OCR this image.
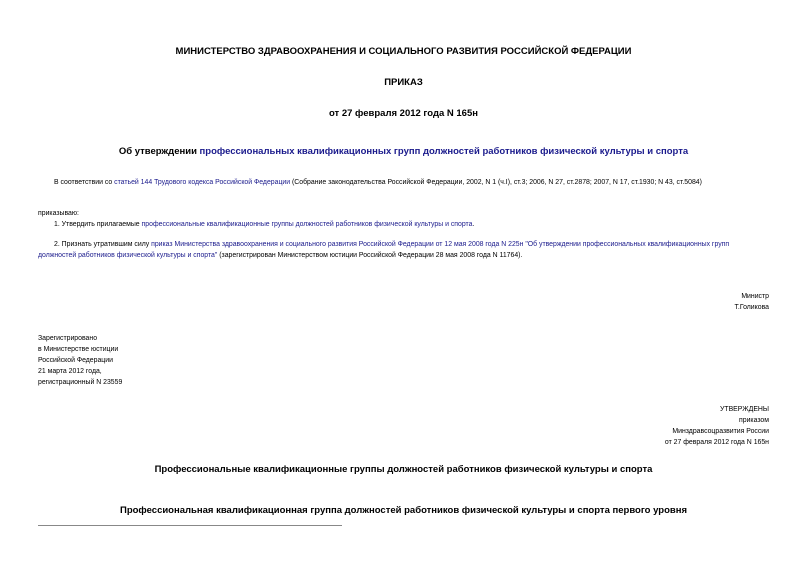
МИНИСТЕРСТВО ЗДРАВООХРАНЕНИЯ И СОЦИАЛЬНОГО РАЗВИТИЯ РОССИЙСКОЙ ФЕДЕРАЦИИ
ПРИКАЗ
от 27 февраля 2012 года N 165н
Об утверждении профессиональных квалификационных групп должностей работников физической культуры и спорта
В соответствии со статьей 144 Трудового кодекса Российской Федерации (Собрание законодательства Российской Федерации, 2002, N 1 (ч.I), ст.3; 2006, N 27, ст.2878; 2007, N 17, ст.1930; N 43, ст.5084)
приказываю:
1. Утвердить прилагаемые профессиональные квалификационные группы должностей работников физической культуры и спорта.
2. Признать утратившим силу приказ Министерства здравоохранения и социального развития Российской Федерации от 12 мая 2008 года N 225н "Об утверждении профессиональных квалификационных групп
должностей работников физической культуры и спорта" (зарегистрирован Министерством юстиции Российской Федерации 28 мая 2008 года N 11764).
Министр
Т.Голикова
Зарегистрировано
в Министерстве юстиции
Российской Федерации
21 марта 2012 года,
регистрационный N 23559
УТВЕРЖДЕНЫ
приказом
Минздравсоцразвития России
от 27 февраля 2012 года N 165н
Профессиональные квалификационные группы должностей работников физической культуры и спорта
Профессиональная квалификационная группа должностей работников физической культуры и спорта первого уровня
